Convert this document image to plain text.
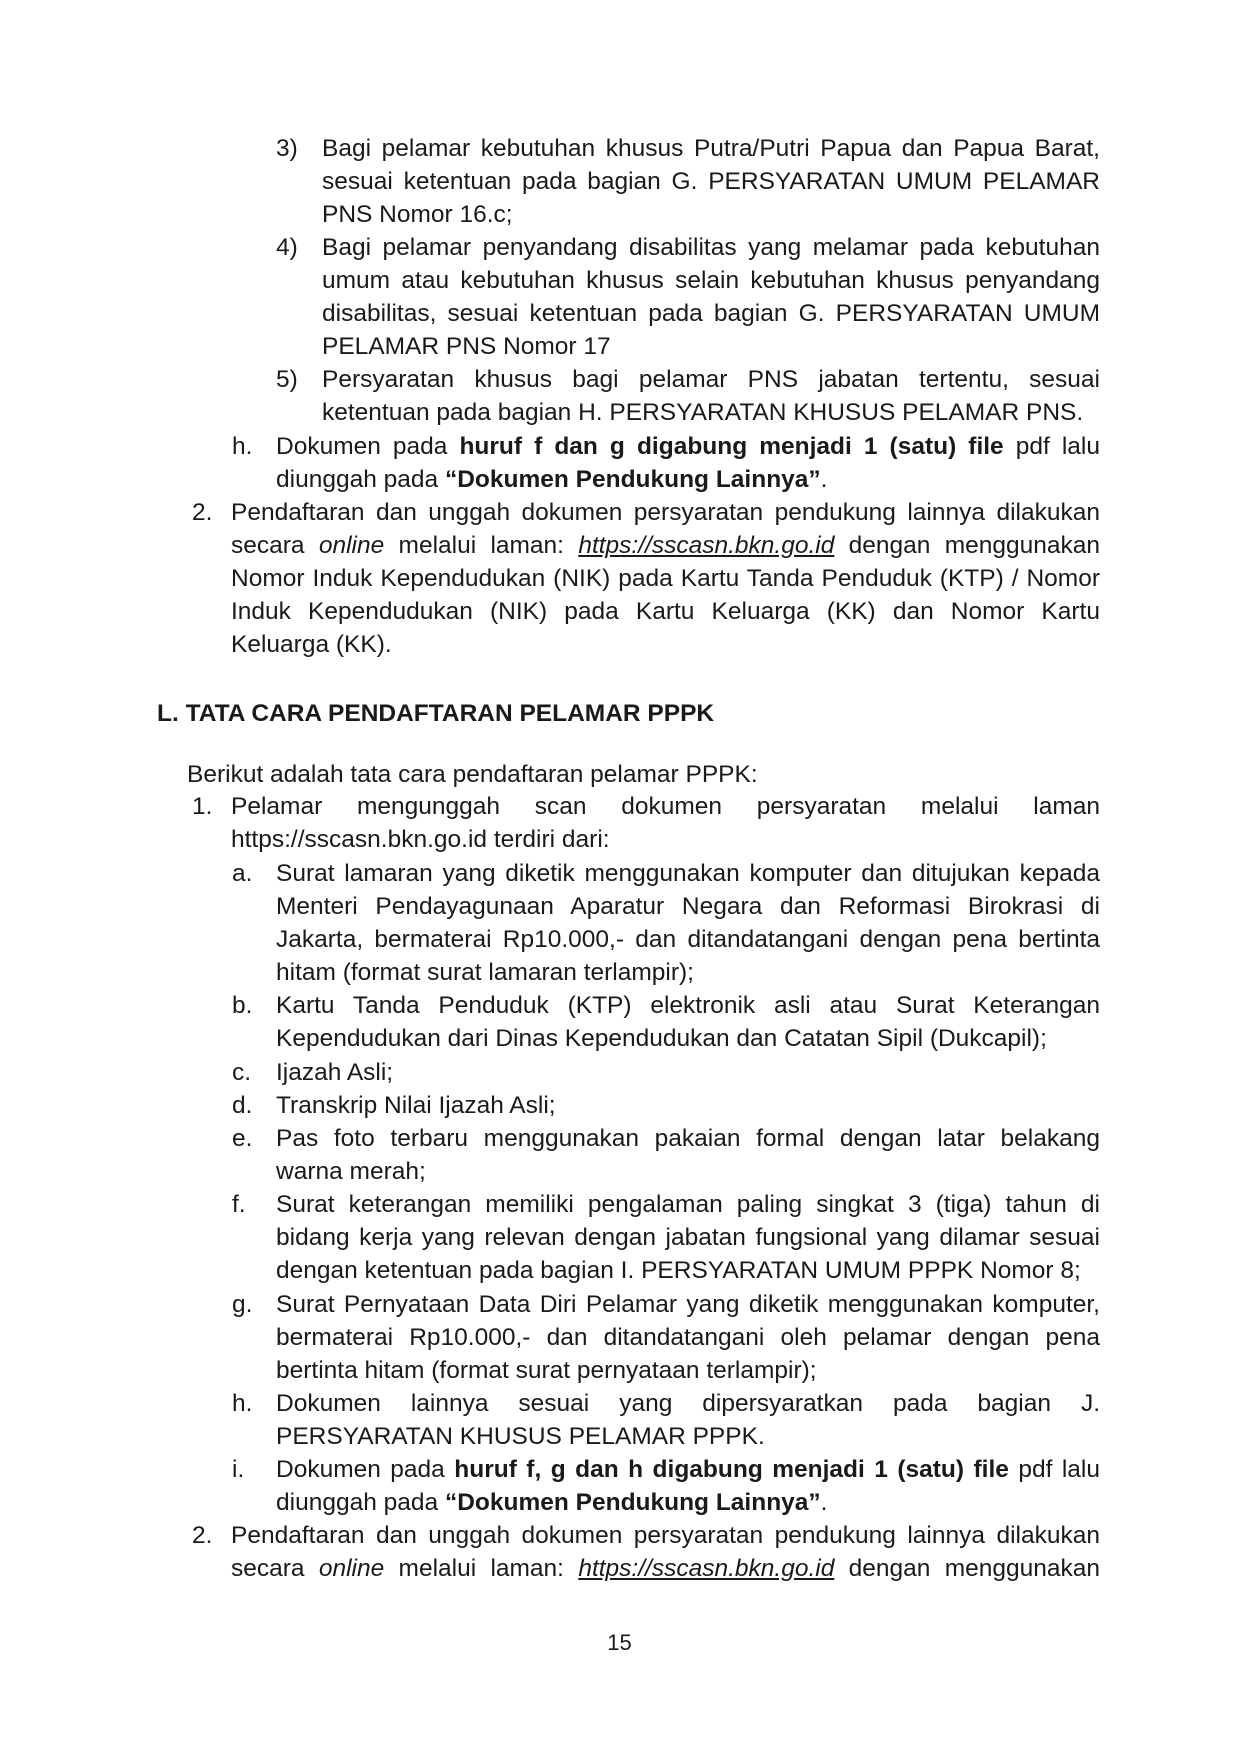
3) Bagi pelamar kebutuhan khusus Putra/Putri Papua dan Papua Barat,
sesuai ketentuan pada bagian G. PERSYARATAN UMUM PELAMAR
PNS Nomor 16.c;
4) Bagi pelamar penyandang disabilitas yang melamar pada kebutuhan
umum atau kebutuhan khusus selain kebutuhan khusus penyandang
disabilitas, sesuai ketentuan pada bagian G. PERSYARATAN UMUM
PELAMAR PNS Nomor 17
5) Persyaratan khusus bagi pelamar PNS jabatan tertentu, sesuai
ketentuan pada bagian H. PERSYARATAN KHUSUS PELAMAR PNS.
h. Dokumen pada huruf f dan g digabung menjadi 1 (satu) file pdf lalu
diunggah pada “Dokumen Pendukung Lainnya”.
2. Pendaftaran dan unggah dokumen persyaratan pendukung lainnya dilakukan
secara online melalui laman: https://sscasn.bkn.go.id dengan menggunakan
Nomor Induk Kependudukan (NIK) pada Kartu Tanda Penduduk (KTP) / Nomor
Induk Kependudukan (NIK) pada Kartu Keluarga (KK) dan Nomor Kartu
Keluarga (KK).
L. TATA CARA PENDAFTARAN PELAMAR PPPK
Berikut adalah tata cara pendaftaran pelamar PPPK:
1. Pelamar mengunggah scan dokumen persyaratan melalui laman
https://sscasn.bkn.go.id terdiri dari:
a. Surat lamaran yang diketik menggunakan komputer dan ditujukan kepada
Menteri Pendayagunaan Aparatur Negara dan Reformasi Birokrasi di
Jakarta, bermaterai Rp10.000,- dan ditandatangani dengan pena bertinta
hitam (format surat lamaran terlampir);
b. Kartu Tanda Penduduk (KTP) elektronik asli atau Surat Keterangan
Kependudukan dari Dinas Kependudukan dan Catatan Sipil (Dukcapil);
c. Ijazah Asli;
d. Transkrip Nilai Ijazah Asli;
e. Pas foto terbaru menggunakan pakaian formal dengan latar belakang
warna merah;
f. Surat keterangan memiliki pengalaman paling singkat 3 (tiga) tahun di
bidang kerja yang relevan dengan jabatan fungsional yang dilamar sesuai
dengan ketentuan pada bagian I. PERSYARATAN UMUM PPPK Nomor 8;
g. Surat Pernyataan Data Diri Pelamar yang diketik menggunakan komputer,
bermaterai Rp10.000,- dan ditandatangani oleh pelamar dengan pena
bertinta hitam (format surat pernyataan terlampir);
h. Dokumen lainnya sesuai yang dipersyaratkan pada bagian J.
PERSYARATAN KHUSUS PELAMAR PPPK.
i. Dokumen pada huruf f, g dan h digabung menjadi 1 (satu) file pdf lalu
diunggah pada “Dokumen Pendukung Lainnya”.
2. Pendaftaran dan unggah dokumen persyaratan pendukung lainnya dilakukan
secara online melalui laman: https://sscasn.bkn.go.id dengan menggunakan
15
